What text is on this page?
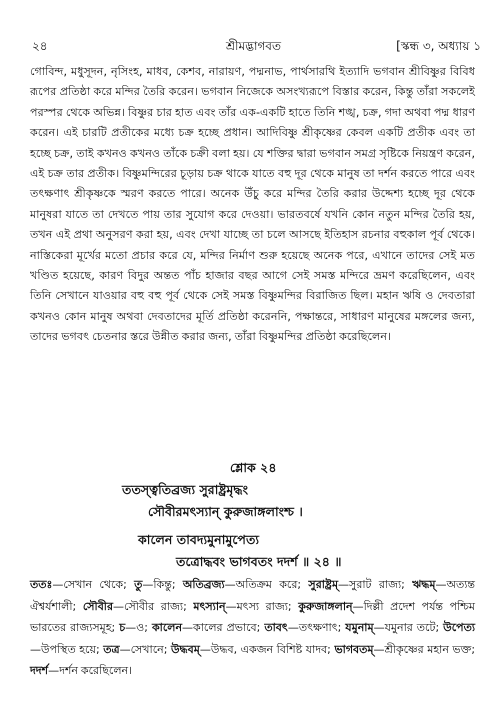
২৪	শ্রীমদ্ভাগবত	[স্কন্ধ ৩, অধ্যায় ১

গোবিন্দ, মধুসূদন, নৃসিংহ, মাধব, কেশব, নারায়ণ, পদ্মনাভ, পার্থসারথি ইত্যাদি ভগবান শ্রীবিষ্ণুর বিবিধ রূপের প্রতিষ্ঠা করে মন্দির তৈরি করেন। ভগবান নিজেকে অসংখ্যরূপে বিস্তার করেন, কিন্তু তাঁরা সকলেই পরস্পর থেকে অভিন্ন। বিষ্ণুর চার হাত এবং তাঁর এক-একটি হাতে তিনি শঙ্খ, চক্র, গদা অথবা পদ্ম ধারণ করেন। এই চারটি প্রতীকের মধ্যে চক্র হচ্ছে প্রধান। আদিবিষ্ণু শ্রীকৃষ্ণের কেবল একটি প্রতীক এবং তা হচ্ছে চক্র, তাই কখনও কখনও তাঁকে চক্রী বলা হয়। যে শক্তির দ্বারা ভগবান সমগ্র সৃষ্টিকে নিয়ন্ত্রণ করেন, এই চক্র তার প্রতীক। বিষ্ণুমন্দিরের চূড়ায় চক্র থাকে যাতে বহু দূর থেকে মানুষ তা দর্শন করতে পারে এবং তৎক্ষণাৎ শ্রীকৃষ্ণকে স্মরণ করতে পারে। অনেক উঁচু করে মন্দির তৈরি করার উদ্দেশ্য হচ্ছে দূর থেকে মানুষরা যাতে তা দেখতে পায় তার সুযোগ করে দেওয়া। ভারতবর্ষে যখনি কোন নতুন মন্দির তৈরি হয়, তখন এই প্রথা অনুসরণ করা হয়, এবং দেখা যাচ্ছে তা চলে আসছে ইতিহাস রচনার বহুকাল পূর্ব থেকে। নাস্তিকেরা মূর্খের মতো প্রচার করে যে, মন্দির নির্মাণ শুরু হয়েছে অনেক পরে, এখানে তাদের সেই মত খণ্ডিত হয়েছে, কারণ বিদুর অন্তত পাঁচ হাজার বছর আগে সেই সমস্ত মন্দিরে ভ্রমণ করেছিলেন, এবং তিনি সেখানে যাওয়ার বহু বহু পূর্ব থেকে সেই সমস্ত বিষ্ণুমন্দির বিরাজিত ছিল। মহান ঋষি ও দেবতারা কখনও কোন মানুষ অথবা দেবতাদের মূর্তি প্রতিষ্ঠা করেননি, পক্ষান্তরে, সাধারণ মানুষের মঙ্গলের জন্য, তাদের ভগবৎ চেতনার স্তরে উন্নীত করার জন্য, তাঁরা বিষ্ণুমন্দির প্রতিষ্ঠা করেছিলেন।

শ্লোক ২৪
ততস্ত্বতিব্রজ্য সুরাষ্ট্রমৃদ্ধং
সৌবীরমৎস্যান্ কুরুজাঙ্গলাংশ্চ ।
কালেন তাবদ্যমুনামুপেত্য
তত্রোদ্ধবং ভাগবতং দদর্শ ॥ ২৪ ॥

ততঃ—সেখান থেকে; তু—কিন্তু; অতিব্রজ্য—অতিক্রম করে; সুরাষ্ট্রম্—সুরাট রাজ্য; ঋদ্ধম্—অত্যন্ত ঐশ্বর্যশালী; সৌবীর—সৌবীর রাজ্য; মৎস্যান্—মৎস্য রাজ্য; কুরুজাঙ্গলান্—দিল্লী প্রদেশ পর্যন্ত পশ্চিম ভারতের রাজ্যসমূহ; চ—ও; কালেন—কালের প্রভাবে; তাবৎ—তৎক্ষণাৎ; যমুনাম্—যমুনার তটে; উপেত্য—উপস্থিত হয়ে; তত্র—সেখানে; উদ্ধবম্—উদ্ধব, একজন বিশিষ্ট যাদব; ভাগবতম্—শ্রীকৃষ্ণের মহান ভক্ত; দদর্শ—দর্শন করেছিলেন।
